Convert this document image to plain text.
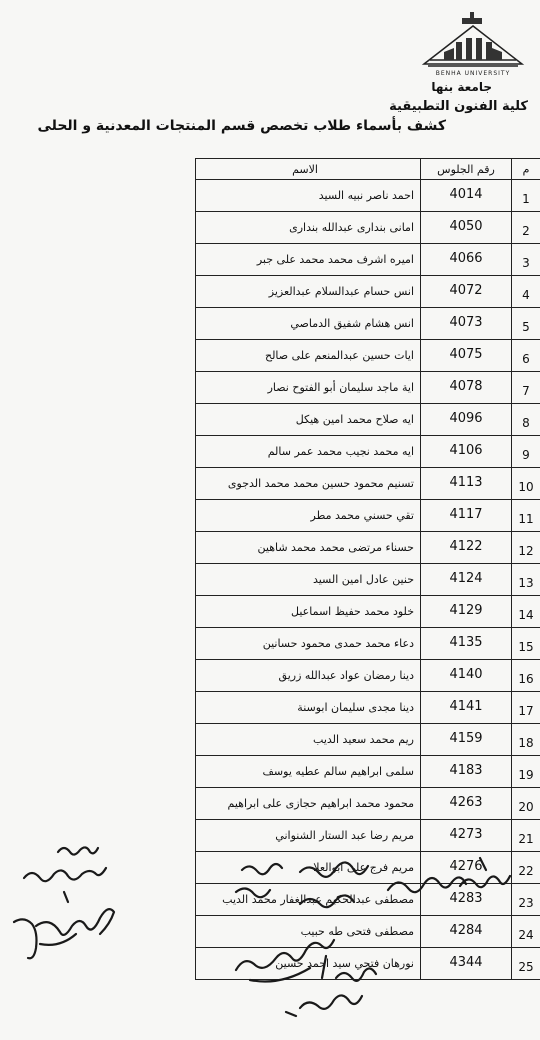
BENHA UNIVERSITY
جامعة بنها
كلية الفنون التطبيقية
كشف بأسماء طلاب تخصص قسم المنتجات المعدنية و الحلى
م	رقم الجلوس	الاسم
1	4014	احمد ناصر نبيه السيد
2	4050	امانى بندارى عبدالله بندارى
3	4066	اميره اشرف محمد محمد على جبر
4	4072	انس حسام عبدالسلام عبدالعزيز
5	4073	انس هشام شفيق الدماصي
6	4075	ايات حسين عبدالمنعم على صالح
7	4078	اية ماجد سليمان أبو الفتوح نصار
8	4096	ايه صلاح محمد امين هيكل
9	4106	ايه محمد نجيب محمد عمر سالم
10	4113	تسنيم محمود حسين محمد محمد الدجوى
11	4117	تقي حسني محمد مطر
12	4122	حسناء مرتضى محمد محمد شاهين
13	4124	حنين عادل امين السيد
14	4129	خلود محمد حفيظ اسماعيل
15	4135	دعاء محمد حمدى محمود حسانين
16	4140	دينا رمضان عواد عبدالله زريق
17	4141	دينا مجدى سليمان ابوسنة
18	4159	ريم محمد سعيد الديب
19	4183	سلمى ابراهيم سالم عطيه يوسف
20	4263	محمود محمد ابراهيم حجازى على ابراهيم
21	4273	مريم رضا عبد الستار الشنواني
22	4276	مريم فرج على ابوالعلا
23	4283	مصطفى عبدالحكيم عبدالغفار محمد الديب
24	4284	مصطفى فتحى طه حبيب
25	4344	نورهان فتحي سيد احمد حسين
